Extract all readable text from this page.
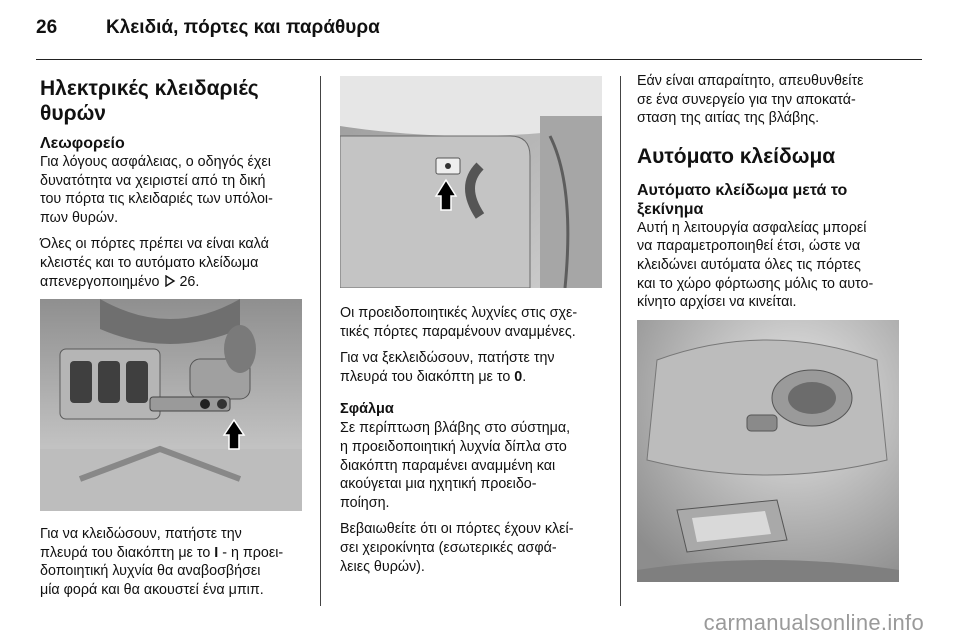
26	Κλειδιά, πόρτες και παράθυρα
Ηλεκτρικές κλειδαριές
θυρών
Λεωφορείο
Για λόγους ασφάλειας, ο οδηγός έχει
δυνατότητα να χειριστεί από τη δική
του πόρτα τις κλειδαριές των υπόλοι-
πων θυρών.
Όλες οι πόρτες πρέπει να είναι καλά
κλειστές και το αυτόματο κλείδωμα
απενεργοποιημένο 26.
Για να κλειδώσουν, πατήστε την
πλευρά του διακόπτη με το I - η προει-
δοποιητική λυχνία θα αναβοσβήσει
μία φορά και θα ακουστεί ένα μπιπ.
Οι προειδοποιητικές λυχνίες στις σχε-
τικές πόρτες παραμένουν αναμμένες.
Για να ξεκλειδώσουν, πατήστε την
πλευρά του διακόπτη με το 0.
Σφάλμα
Σε περίπτωση βλάβης στο σύστημα,
η προειδοποιητική λυχνία δίπλα στο
διακόπτη παραμένει αναμμένη και
ακούγεται μια ηχητική προειδο-
ποίηση.
Βεβαιωθείτε ότι οι πόρτες έχουν κλεί-
σει χειροκίνητα (εσωτερικές ασφά-
λειες θυρών).
Εάν είναι απαραίτητο, απευθυνθείτε
σε ένα συνεργείο για την αποκατά-
σταση της αιτίας της βλάβης.
Αυτόματο κλείδωμα
Αυτόματο κλείδωμα μετά το
ξεκίνημα
Αυτή η λειτουργία ασφαλείας μπορεί
να παραμετροποιηθεί έτσι, ώστε να
κλειδώνει αυτόματα όλες τις πόρτες
και το χώρο φόρτωσης μόλις το αυτο-
κίνητο αρχίσει να κινείται.
carmanualsonline.info
